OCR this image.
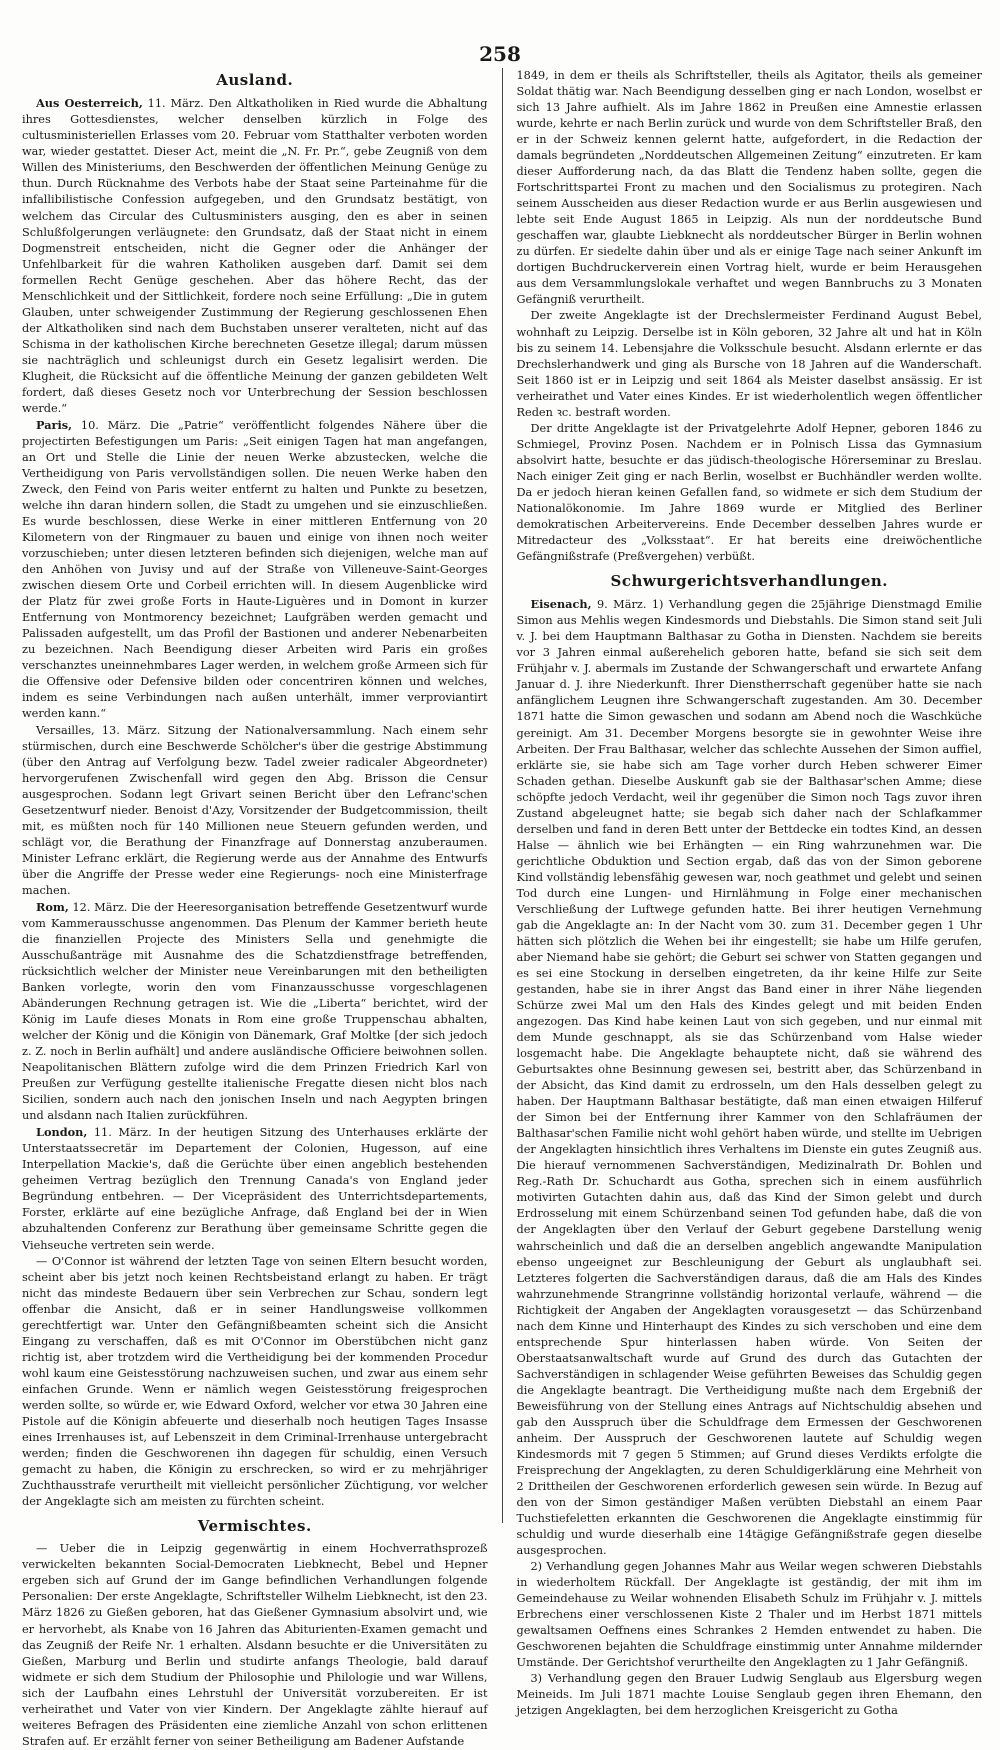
258
Ausland.

Aus Oesterreich, 11. März. Den Altkatholiken in Ried wurde die Abhaltung ihres Gottesdienstes, welcher denselben kürzlich in Folge des cultusministeriellen Erlasses vom 20. Februar vom Statthalter verboten worden war, wieder gestattet. Dieser Act, meint die „N. Fr. Pr.“, gebe Zeugniß von dem Willen des Ministeriums, den Beschwerden der öffentlichen Meinung Genüge zu thun. Durch Rücknahme des Verbots habe der Staat seine Parteinahme für die infallibilistische Confession aufgegeben, und den Grundsatz bestätigt, von welchem das Circular des Cultusministers ausging, den es aber in seinen Schlußfolgerungen verläugnete: den Grundsatz, daß der Staat nicht in einem Dogmenstreit entscheiden, nicht die Gegner oder die Anhänger der Unfehlbarkeit für die wahren Katholiken ausgeben darf. Damit sei dem formellen Recht Genüge geschehen. Aber das höhere Recht, das der Menschlichkeit und der Sittlichkeit, fordere noch seine Erfüllung: „Die in gutem Glauben, unter schweigender Zustimmung der Regierung geschlossenen Ehen der Altkatholiken sind nach dem Buchstaben unserer veralteten, nicht auf das Schisma in der katholischen Kirche berechneten Gesetze illegal; darum müssen sie nachträglich und schleunigst durch ein Gesetz legalisirt werden. Die Klugheit, die Rücksicht auf die öffentliche Meinung der ganzen gebildeten Welt fordert, daß dieses Gesetz noch vor Unterbrechung der Session beschlossen werde.“

Paris, 10. März. Die „Patrie“ veröffentlicht folgendes Nähere über die projectirten Befestigungen um Paris: „Seit einigen Tagen hat man angefangen, an Ort und Stelle die Linie der neuen Werke abzustecken, welche die Vertheidigung von Paris vervollständigen sollen. Die neuen Werke haben den Zweck, den Feind von Paris weiter entfernt zu halten und Punkte zu besetzen, welche ihn daran hindern sollen, die Stadt zu umgehen und sie einzuschließen. Es wurde beschlossen, diese Werke in einer mittleren Entfernung von 20 Kilometern von der Ringmauer zu bauen und einige von ihnen noch weiter vorzuschieben; unter diesen letzteren befinden sich diejenigen, welche man auf den Anhöhen von Juvisy und auf der Straße von Villeneuve-Saint-Georges zwischen diesem Orte und Corbeil errichten will. In diesem Augenblicke wird der Platz für zwei große Forts in Haute-Liguères und in Domont in kurzer Entfernung von Montmorency bezeichnet; Laufgräben werden gemacht und Palissaden aufgestellt, um das Profil der Bastionen und anderer Nebenarbeiten zu bezeichnen. Nach Beendigung dieser Arbeiten wird Paris ein großes verschanztes uneinnehmbares Lager werden, in welchem große Armeen sich für die Offensive oder Defensive bilden oder concentriren können und welches, indem es seine Verbindungen nach außen unterhält, immer verproviantirt werden kann.“

Versailles, 13. März. Sitzung der Nationalversammlung. Nach einem sehr stürmischen, durch eine Beschwerde Schölcher's über die gestrige Abstimmung (über den Antrag auf Verfolgung bezw. Tadel zweier radicaler Abgeordneter) hervorgerufenen Zwischenfall wird gegen den Abg. Brisson die Censur ausgesprochen. Sodann legt Grivart seinen Bericht über den Lefranc'schen Gesetzentwurf nieder. Benoist d'Azy, Vorsitzender der Budgetcommission, theilt mit, es müßten noch für 140 Millionen neue Steuern gefunden werden, und schlägt vor, die Berathung der Finanzfrage auf Donnerstag anzuberaumen. Minister Lefranc erklärt, die Regierung werde aus der Annahme des Entwurfs über die Angriffe der Presse weder eine Regierungs- noch eine Ministerfrage machen.

Rom, 12. März. Die der Heeresorganisation betreffende Gesetzentwurf wurde vom Kammerausschusse angenommen. Das Plenum der Kammer berieth heute die finanziellen Projecte des Ministers Sella und genehmigte die Ausschußanträge mit Ausnahme des die Schatzdienstfrage betreffenden, rücksichtlich welcher der Minister neue Vereinbarungen mit den betheiligten Banken vorlegte, worin den vom Finanzausschusse vorgeschlagenen Abänderungen Rechnung getragen ist. Wie die „Liberta“ berichtet, wird der König im Laufe dieses Monats in Rom eine große Truppenschau abhalten, welcher der König und die Königin von Dänemark, Graf Moltke [der sich jedoch z. Z. noch in Berlin aufhält] und andere ausländische Officiere beiwohnen sollen. Neapolitanischen Blättern zufolge wird die dem Prinzen Friedrich Karl von Preußen zur Verfügung gestellte italienische Fregatte diesen nicht blos nach Sicilien, sondern auch nach den jonischen Inseln und nach Aegypten bringen und alsdann nach Italien zurückführen.

London, 11. März. In der heutigen Sitzung des Unterhauses erklärte der Unterstaatssecretär im Departement der Colonien, Hugesson, auf eine Interpellation Mackie's, daß die Gerüchte über einen angeblich bestehenden geheimen Vertrag bezüglich den Trennung Canada's von England jeder Begründung entbehren. — Der Vicepräsident des Unterrichtsdepartements, Forster, erklärte auf eine bezügliche Anfrage, daß England bei der in Wien abzuhaltenden Conferenz zur Berathung über gemeinsame Schritte gegen die Viehseuche vertreten sein werde.

— O'Connor ist während der letzten Tage von seinen Eltern besucht worden, scheint aber bis jetzt noch keinen Rechtsbeistand erlangt zu haben. Er trägt nicht das mindeste Bedauern über sein Verbrechen zur Schau, sondern legt offenbar die Ansicht, daß er in seiner Handlungsweise vollkommen gerechtfertigt war. Unter den Gefängnißbeamten scheint sich die Ansicht Eingang zu verschaffen, daß es mit O'Connor im Oberstübchen nicht ganz richtig ist, aber trotzdem wird die Vertheidigung bei der kommenden Procedur wohl kaum eine Geistesstörung nachzuweisen suchen, und zwar aus einem sehr einfachen Grunde. Wenn er nämlich wegen Geistesstörung freigesprochen werden sollte, so würde er, wie Edward Oxford, welcher vor etwa 30 Jahren eine Pistole auf die Königin abfeuerte und dieserhalb noch heutigen Tages Insasse eines Irrenhauses ist, auf Lebenszeit in dem Criminal-Irrenhause untergebracht werden; finden die Geschworenen ihn dagegen für schuldig, einen Versuch gemacht zu haben, die Königin zu erschrecken, so wird er zu mehrjähriger Zuchthausstrafe verurtheilt mit vielleicht persönlicher Züchtigung, vor welcher der Angeklagte sich am meisten zu fürchten scheint.

Vermischtes.

— Ueber die in Leipzig gegenwärtig in einem Hochverrathsprozeß verwickelten bekannten Social-Democraten Liebknecht, Bebel und Hepner ergeben sich auf Grund der im Gange befindlichen Verhandlungen folgende Personalien: Der erste Angeklagte, Schriftsteller Wilhelm Liebknecht, ist den 23. März 1826 zu Gießen geboren, hat das Gießener Gymnasium absolvirt und, wie er hervorhebt, als Knabe von 16 Jahren das Abiturienten-Examen gemacht und das Zeugniß der Reife Nr. 1 erhalten. Alsdann besuchte er die Universitäten zu Gießen, Marburg und Berlin und studirte anfangs Theologie, bald darauf widmete er sich dem Studium der Philosophie und Philologie und war Willens, sich der Laufbahn eines Lehrstuhl der Universität vorzubereiten. Er ist verheirathet und Vater von vier Kindern. Der Angeklagte zählte hierauf auf weiteres Befragen des Präsidenten eine ziemliche Anzahl von schon erlittenen Strafen auf. Er erzählt ferner von seiner Betheiligung am Badener Aufstande

1849, in dem er theils als Schriftsteller, theils als Agitator, theils als gemeiner Soldat thätig war. Nach Beendigung desselben ging er nach London, woselbst er sich 13 Jahre aufhielt. Als im Jahre 1862 in Preußen eine Amnestie erlassen wurde, kehrte er nach Berlin zurück und wurde von dem Schriftsteller Braß, den er in der Schweiz kennen gelernt hatte, aufgefordert, in die Redaction der damals begründeten „Norddeutschen Allgemeinen Zeitung“ einzutreten. Er kam dieser Aufforderung nach, da das Blatt die Tendenz haben sollte, gegen die Fortschrittspartei Front zu machen und den Socialismus zu protegiren. Nach seinem Ausscheiden aus dieser Redaction wurde er aus Berlin ausgewiesen und lebte seit Ende August 1865 in Leipzig. Als nun der norddeutsche Bund geschaffen war, glaubte Liebknecht als norddeutscher Bürger in Berlin wohnen zu dürfen. Er siedelte dahin über und als er einige Tage nach seiner Ankunft im dortigen Buchdruckerverein einen Vortrag hielt, wurde er beim Herausgehen aus dem Versammlungslokale verhaftet und wegen Bannbruchs zu 3 Monaten Gefängniß verurtheilt.

Der zweite Angeklagte ist der Drechslermeister Ferdinand August Bebel, wohnhaft zu Leipzig. Derselbe ist in Köln geboren, 32 Jahre alt und hat in Köln bis zu seinem 14. Lebensjahre die Volksschule besucht. Alsdann erlernte er das Drechslerhandwerk und ging als Bursche von 18 Jahren auf die Wanderschaft. Seit 1860 ist er in Leipzig und seit 1864 als Meister daselbst ansässig. Er ist verheirathet und Vater eines Kindes. Er ist wiederholentlich wegen öffentlicher Reden ꝛc. bestraft worden.

Der dritte Angeklagte ist der Privatgelehrte Adolf Hepner, geboren 1846 zu Schmiegel, Provinz Posen. Nachdem er in Polnisch Lissa das Gymnasium absolvirt hatte, besuchte er das jüdisch-theologische Hörerseminar zu Breslau. Nach einiger Zeit ging er nach Berlin, woselbst er Buchhändler werden wollte. Da er jedoch hieran keinen Gefallen fand, so widmete er sich dem Studium der Nationalökonomie. Im Jahre 1869 wurde er Mitglied des Berliner demokratischen Arbeitervereins. Ende December desselben Jahres wurde er Mitredacteur des „Volksstaat“. Er hat bereits eine dreiwöchentliche Gefängnißstrafe (Preßvergehen) verbüßt.

Schwurgerichtsverhandlungen.

Eisenach, 9. März. 1) Verhandlung gegen die 25jährige Dienstmagd Emilie Simon aus Mehlis wegen Kindesmords und Diebstahls. Die Simon stand seit Juli v. J. bei dem Hauptmann Balthasar zu Gotha in Diensten. Nachdem sie bereits vor 3 Jahren einmal außerehelich geboren hatte, befand sie sich seit dem Frühjahr v. J. abermals im Zustande der Schwangerschaft und erwartete Anfang Januar d. J. ihre Niederkunft. Ihrer Dienstherrschaft gegenüber hatte sie nach anfänglichem Leugnen ihre Schwangerschaft zugestanden. Am 30. December 1871 hatte die Simon gewaschen und sodann am Abend noch die Waschküche gereinigt. Am 31. December Morgens besorgte sie in gewohnter Weise ihre Arbeiten. Der Frau Balthasar, welcher das schlechte Aussehen der Simon auffiel, erklärte sie, sie habe sich am Tage vorher durch Heben schwerer Eimer Schaden gethan. Dieselbe Auskunft gab sie der Balthasar'schen Amme; diese schöpfte jedoch Verdacht, weil ihr gegenüber die Simon noch Tags zuvor ihren Zustand abgeleugnet hatte; sie begab sich daher nach der Schlafkammer derselben und fand in deren Bett unter der Bettdecke ein todtes Kind, an dessen Halse — ähnlich wie bei Erhängten — ein Ring wahrzunehmen war. Die gerichtliche Obduktion und Section ergab, daß das von der Simon geborene Kind vollständig lebensfähig gewesen war, noch geathmet und gelebt und seinen Tod durch eine Lungen- und Hirnlähmung in Folge einer mechanischen Verschließung der Luftwege gefunden hatte. Bei ihrer heutigen Vernehmung gab die Angeklagte an: In der Nacht vom 30. zum 31. December gegen 1 Uhr hätten sich plötzlich die Wehen bei ihr eingestellt; sie habe um Hilfe gerufen, aber Niemand habe sie gehört; die Geburt sei schwer von Statten gegangen und es sei eine Stockung in derselben eingetreten, da ihr keine Hilfe zur Seite gestanden, habe sie in ihrer Angst das Band einer in ihrer Nähe liegenden Schürze zwei Mal um den Hals des Kindes gelegt und mit beiden Enden angezogen. Das Kind habe keinen Laut von sich gegeben, und nur einmal mit dem Munde geschnappt, als sie das Schürzenband vom Halse wieder losgemacht habe. Die Angeklagte behauptete nicht, daß sie während des Geburtsaktes ohne Besinnung gewesen sei, bestritt aber, das Schürzenband in der Absicht, das Kind damit zu erdrosseln, um den Hals desselben gelegt zu haben. Der Hauptmann Balthasar bestätigte, daß man einen etwaigen Hilferuf der Simon bei der Entfernung ihrer Kammer von den Schlafräumen der Balthasar'schen Familie nicht wohl gehört haben würde, und stellte im Uebrigen der Angeklagten hinsichtlich ihres Verhaltens im Dienste ein gutes Zeugniß aus. Die hierauf vernommenen Sachverständigen, Medizinalrath Dr. Bohlen und Reg.-Rath Dr. Schuchardt aus Gotha, sprechen sich in einem ausführlich motivirten Gutachten dahin aus, daß das Kind der Simon gelebt und durch Erdrosselung mit einem Schürzenband seinen Tod gefunden habe, daß die von der Angeklagten über den Verlauf der Geburt gegebene Darstellung wenig wahrscheinlich und daß die an derselben angeblich angewandte Manipulation ebenso ungeeignet zur Beschleunigung der Geburt als unglaubhaft sei. Letzteres folgerten die Sachverständigen daraus, daß die am Hals des Kindes wahrzunehmende Strangrinne vollständig horizontal verlaufe, während — die Richtigkeit der Angaben der Angeklagten vorausgesetzt — das Schürzenband nach dem Kinne und Hinterhaupt des Kindes zu sich verschoben und eine dem entsprechende Spur hinterlassen haben würde. Von Seiten der Oberstaatsanwaltschaft wurde auf Grund des durch das Gutachten der Sachverständigen in schlagender Weise geführten Beweises das Schuldig gegen die Angeklagte beantragt. Die Vertheidigung mußte nach dem Ergebniß der Beweisführung von der Stellung eines Antrags auf Nichtschuldig absehen und gab den Ausspruch über die Schuldfrage dem Ermessen der Geschworenen anheim. Der Ausspruch der Geschworenen lautete auf Schuldig wegen Kindesmords mit 7 gegen 5 Stimmen; auf Grund dieses Verdikts erfolgte die Freisprechung der Angeklagten, zu deren Schuldigerklärung eine Mehrheit von 2 Drittheilen der Geschworenen erforderlich gewesen sein würde. In Bezug auf den von der Simon geständiger Maßen verübten Diebstahl an einem Paar Tuchstiefeletten erkannten die Geschworenen die Angeklagte einstimmig für schuldig und wurde dieserhalb eine 14tägige Gefängnißstrafe gegen dieselbe ausgesprochen.

2) Verhandlung gegen Johannes Mahr aus Weilar wegen schweren Diebstahls in wiederholtem Rückfall. Der Angeklagte ist geständig, der mit ihm im Gemeindehause zu Weilar wohnenden Elisabeth Schulz im Frühjahr v. J. mittels Erbrechens einer verschlossenen Kiste 2 Thaler und im Herbst 1871 mittels gewaltsamen Oeffnens eines Schrankes 2 Hemden entwendet zu haben. Die Geschworenen bejahten die Schuldfrage einstimmig unter Annahme mildernder Umstände. Der Gerichtshof verurtheilte den Angeklagten zu 1 Jahr Gefängniß.

3) Verhandlung gegen den Brauer Ludwig Senglaub aus Elgersburg wegen Meineids. Im Juli 1871 machte Louise Senglaub gegen ihren Ehemann, den jetzigen Angeklagten, bei dem herzoglichen Kreisgericht zu Gotha
